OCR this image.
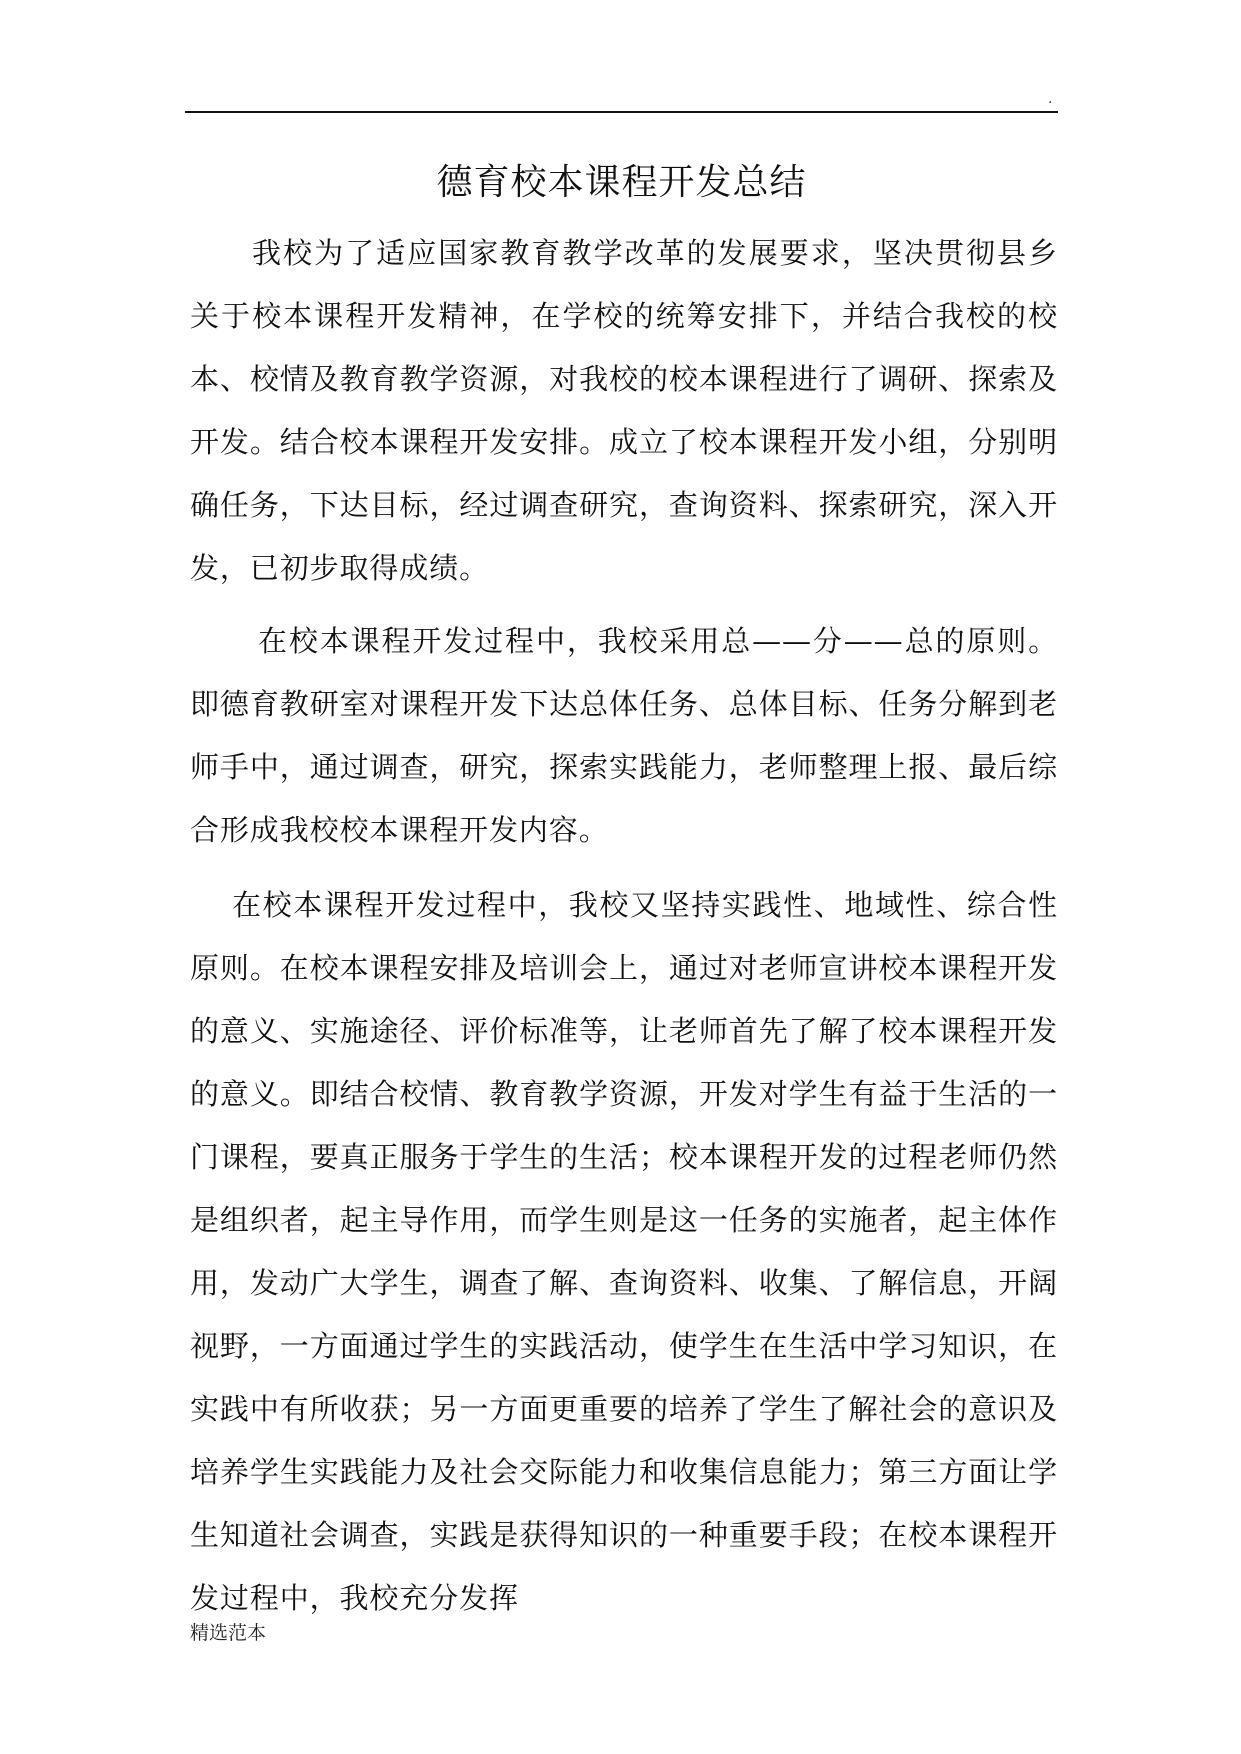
.
德育校本课程开发总结

我校为了适应国家教育教学改革的发展要求，坚决贯彻县乡关于校本课程开发精神，在学校的统筹安排下，并结合我校的校本、校情及教育教学资源，对我校的校本课程进行了调研、探索及开发。结合校本课程开发安排。成立了校本课程开发小组，分别明确任务，下达目标，经过调查研究，查询资料、探索研究，深入开发，已初步取得成绩。

在校本课程开发过程中，我校采用总——分——总的原则。即德育教研室对课程开发下达总体任务、总体目标、任务分解到老师手中，通过调查，研究，探索实践能力，老师整理上报、最后综合形成我校校本课程开发内容。

在校本课程开发过程中，我校又坚持实践性、地域性、综合性原则。在校本课程安排及培训会上，通过对老师宣讲校本课程开发的意义、实施途径、评价标准等，让老师首先了解了校本课程开发的意义。即结合校情、教育教学资源，开发对学生有益于生活的一门课程，要真正服务于学生的生活；校本课程开发的过程老师仍然是组织者，起主导作用，而学生则是这一任务的实施者，起主体作用，发动广大学生，调查了解、查询资料、收集、了解信息，开阔视野，一方面通过学生的实践活动，使学生在生活中学习知识，在实践中有所收获；另一方面更重要的培养了学生了解社会的意识及培养学生实践能力及社会交际能力和收集信息能力；第三方面让学生知道社会调查，实践是获得知识的一种重要手段；在校本课程开发过程中，我校充分发挥

精选范本
